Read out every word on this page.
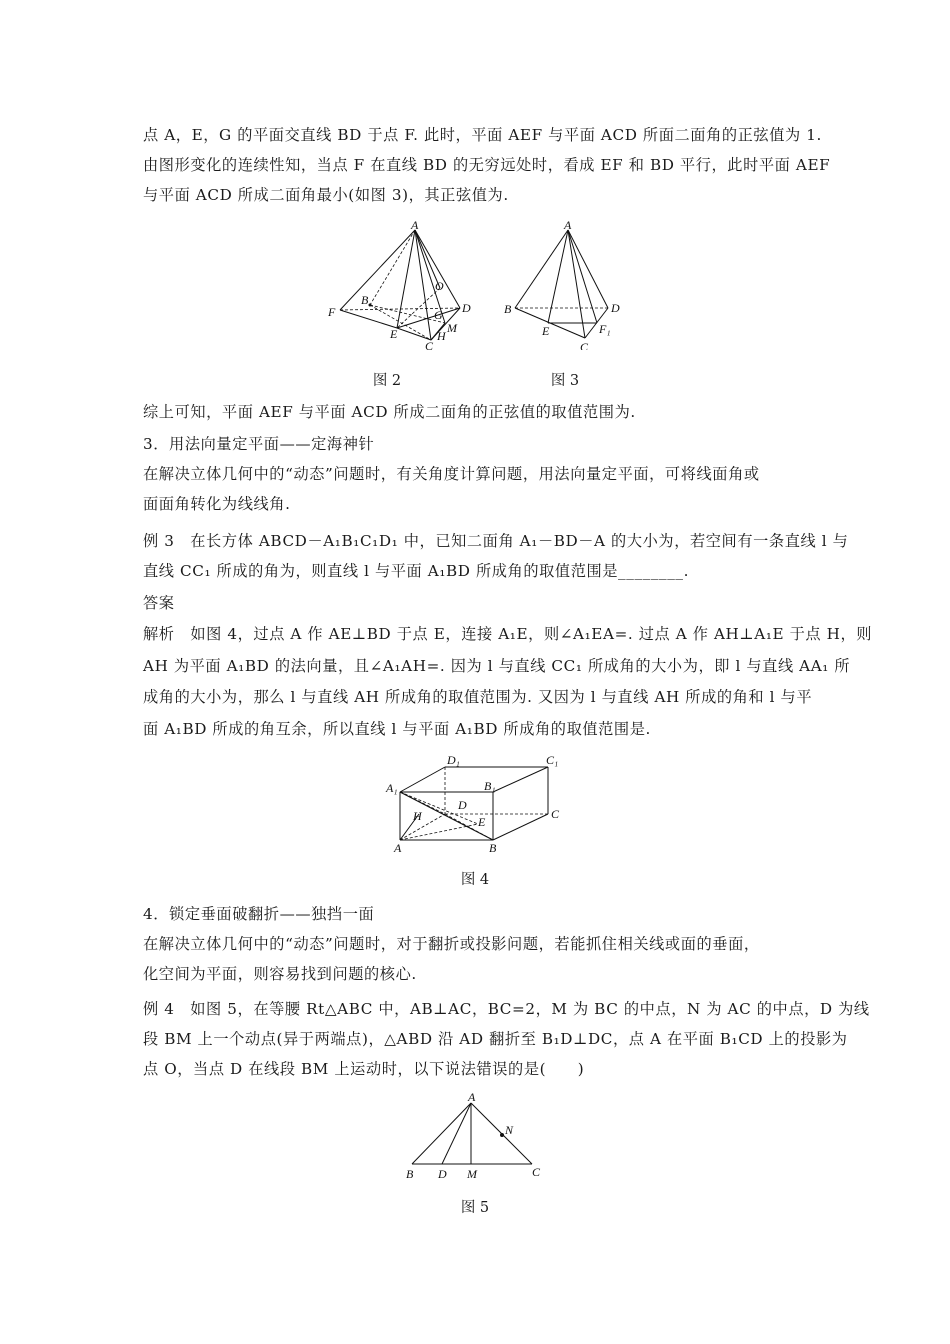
点 A，E，G 的平面交直线 BD 于点 F. 此时，平面 AEF 与平面 ACD 所面二面角的正弦值为 1.
由图形变化的连续性知，当点 F 在直线 BD 的无穷远处时，看成 EF 和 BD 平行，此时平面 AEF
与平面 ACD 所成二面角最小(如图 3)，其正弦值为.
A
F
B
O
D
G
E	M
H
C
图 2
A
B	D
E	F₁
C
图 3
综上可知，平面 AEF 与平面 ACD 所成二面角的正弦值的取值范围为.
3．用法向量定平面——定海神针
在解决立体几何中的“动态”问题时，有关角度计算问题，用法向量定平面，可将线面角或
面面角转化为线线角.
例 3　在长方体 ABCD－A₁B₁C₁D₁ 中，已知二面角 A₁－BD－A 的大小为，若空间有一条直线 l 与
直线 CC₁ 所成的角为，则直线 l 与平面 A₁BD 所成角的取值范围是________.
答案
解析　如图 4，过点 A 作 AE⊥BD 于点 E，连接 A₁E，则∠A₁EA=. 过点 A 作 AH⊥A₁E 于点 H，则
AH 为平面 A₁BD 的法向量，且∠A₁AH=. 因为 l 与直线 CC₁ 所成角的大小为，即 l 与直线 AA₁ 所
成角的大小为，那么 l 与直线 AH 所成角的取值范围为. 又因为 l 与直线 AH 所成的角和 l 与平
面 A₁BD 所成的角互余，所以直线 l 与平面 A₁BD 所成角的取值范围是.
D₁	C₁
A₁	B₁
D
C
H	E
A	B
图 4
4．锁定垂面破翻折——独挡一面
在解决立体几何中的“动态”问题时，对于翻折或投影问题，若能抓住相关线或面的垂面，
化空间为平面，则容易找到问题的核心.
例 4　如图 5，在等腰 Rt△ABC 中，AB⊥AC，BC=2，M 为 BC 的中点，N 为 AC 的中点，D 为线
段 BM 上一个动点(异于两端点)，△ABD 沿 AD 翻折至 B₁D⊥DC，点 A 在平面 B₁CD 上的投影为
点 O，当点 D 在线段 BM 上运动时，以下说法错误的是(　　)
A
N
B D M	C
图 5
